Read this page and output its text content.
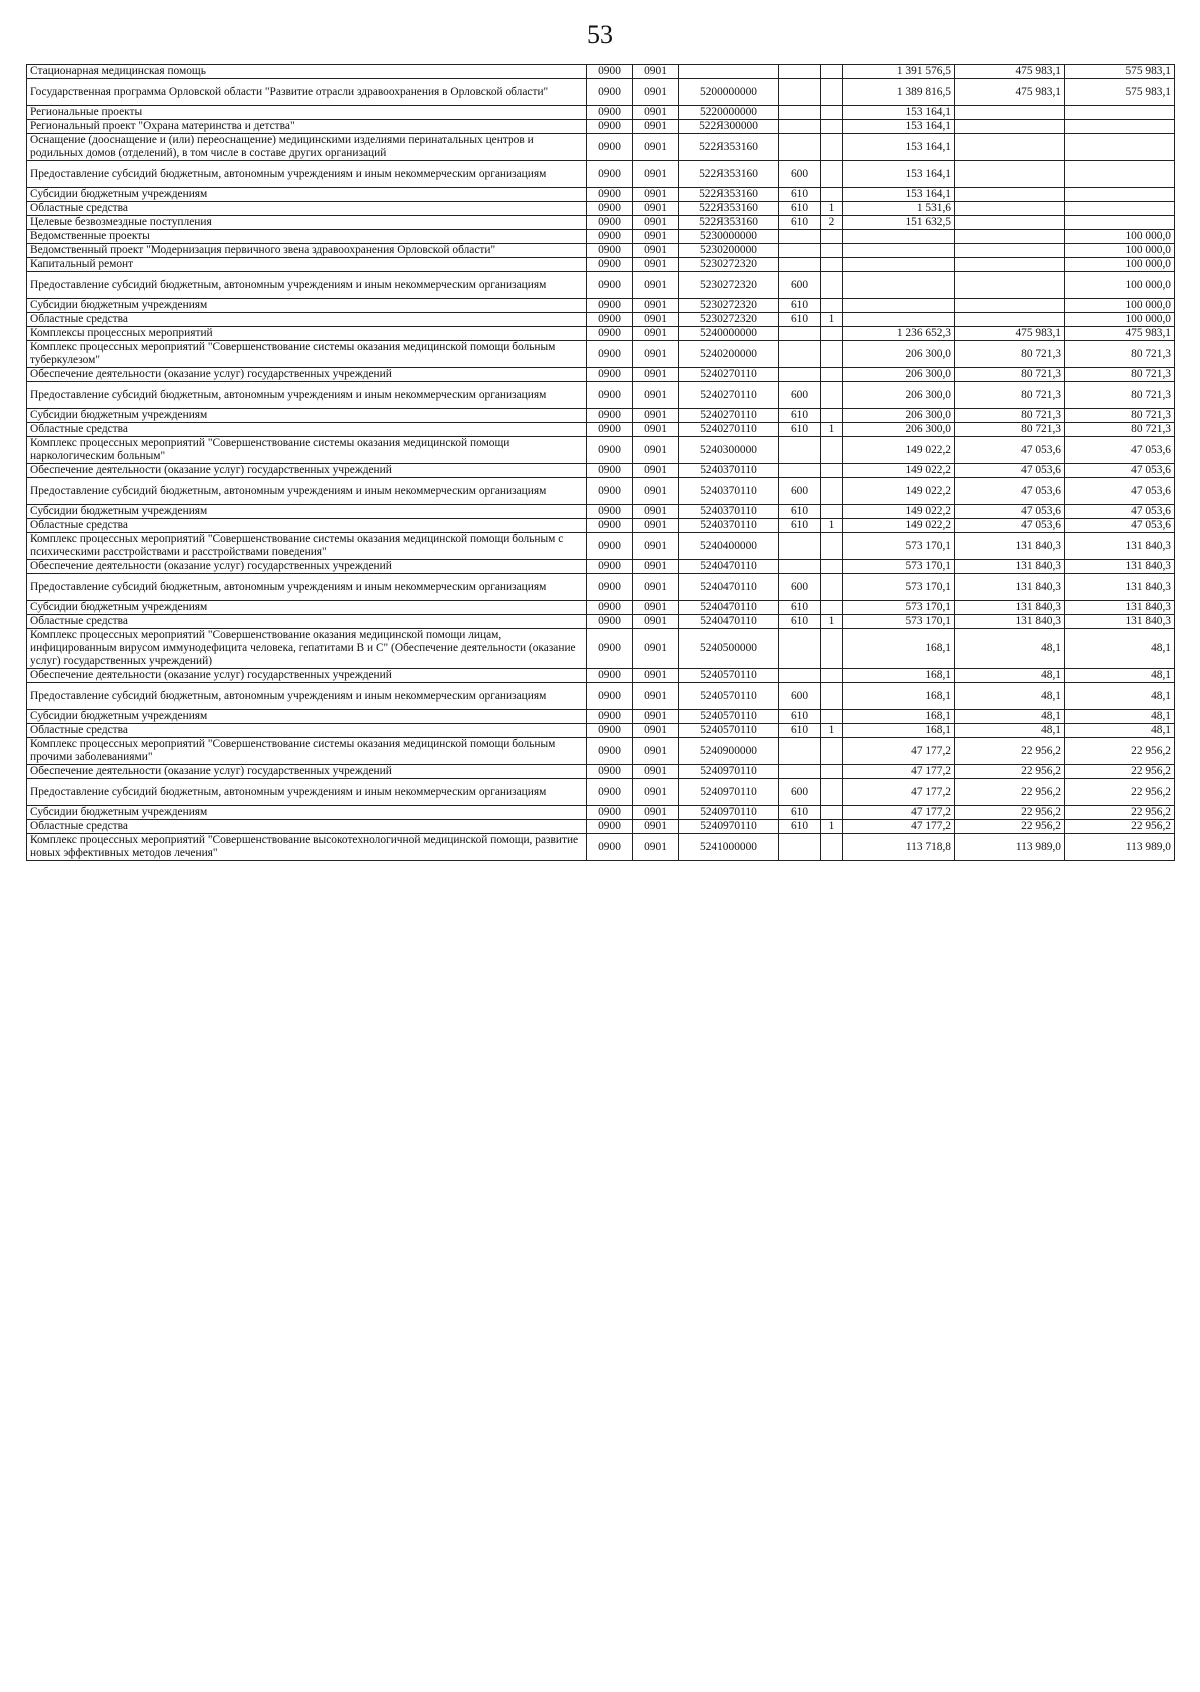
53
Стационарная медицинская помощь	0900	0901				1 391 576,5	475 983,1	575 983,1
Государственная программа Орловской области "Развитие отрасли здравоохранения в Орловской области"	0900	0901	5200000000			1 389 816,5	475 983,1	575 983,1
Региональные проекты	0900	0901	5220000000			153 164,1		
Региональный проект "Охрана материнства и детства"	0900	0901	522Я300000			153 164,1		
Оснащение (дооснащение и (или) переоснащение) медицинскими изделиями перинатальных центров и родильных домов (отделений), в том числе в составе других организаций	0900	0901	522Я353160			153 164,1		
Предоставление субсидий бюджетным, автономным учреждениям и иным некоммерческим организациям	0900	0901	522Я353160	600		153 164,1		
Субсидии бюджетным учреждениям	0900	0901	522Я353160	610		153 164,1		
Областные средства	0900	0901	522Я353160	610	1	1 531,6		
Целевые безвозмездные поступления	0900	0901	522Я353160	610	2	151 632,5		
Ведомственные проекты	0900	0901	5230000000					100 000,0
Ведомственный проект "Модернизация первичного звена здравоохранения Орловской области"	0900	0901	5230200000					100 000,0
Капитальный ремонт	0900	0901	5230272320					100 000,0
Предоставление субсидий бюджетным, автономным учреждениям и иным некоммерческим организациям	0900	0901	5230272320	600				100 000,0
Субсидии бюджетным учреждениям	0900	0901	5230272320	610				100 000,0
Областные средства	0900	0901	5230272320	610	1			100 000,0
Комплексы процессных мероприятий	0900	0901	5240000000			1 236 652,3	475 983,1	475 983,1
Комплекс процессных мероприятий "Совершенствование системы оказания медицинской помощи больным туберкулезом"	0900	0901	5240200000			206 300,0	80 721,3	80 721,3
Обеспечение деятельности (оказание услуг) государственных учреждений	0900	0901	5240270110			206 300,0	80 721,3	80 721,3
Предоставление субсидий бюджетным, автономным учреждениям и иным некоммерческим организациям	0900	0901	5240270110	600		206 300,0	80 721,3	80 721,3
Субсидии бюджетным учреждениям	0900	0901	5240270110	610		206 300,0	80 721,3	80 721,3
Областные средства	0900	0901	5240270110	610	1	206 300,0	80 721,3	80 721,3
Комплекс процессных мероприятий "Совершенствование системы оказания медицинской помощи наркологическим больным"	0900	0901	5240300000			149 022,2	47 053,6	47 053,6
Обеспечение деятельности (оказание услуг) государственных учреждений	0900	0901	5240370110			149 022,2	47 053,6	47 053,6
Предоставление субсидий бюджетным, автономным учреждениям и иным некоммерческим организациям	0900	0901	5240370110	600		149 022,2	47 053,6	47 053,6
Субсидии бюджетным учреждениям	0900	0901	5240370110	610		149 022,2	47 053,6	47 053,6
Областные средства	0900	0901	5240370110	610	1	149 022,2	47 053,6	47 053,6
Комплекс процессных мероприятий "Совершенствование системы оказания медицинской помощи больным с психическими расстройствами и расстройствами поведения"	0900	0901	5240400000			573 170,1	131 840,3	131 840,3
Обеспечение деятельности (оказание услуг) государственных учреждений	0900	0901	5240470110			573 170,1	131 840,3	131 840,3
Предоставление субсидий бюджетным, автономным учреждениям и иным некоммерческим организациям	0900	0901	5240470110	600		573 170,1	131 840,3	131 840,3
Субсидии бюджетным учреждениям	0900	0901	5240470110	610		573 170,1	131 840,3	131 840,3
Областные средства	0900	0901	5240470110	610	1	573 170,1	131 840,3	131 840,3
Комплекс процессных мероприятий "Совершенствование оказания медицинской помощи лицам, инфицированным вирусом иммунодефицита человека, гепатитами В и С" (Обеспечение деятельности (оказание услуг) государственных учреждений)	0900	0901	5240500000			168,1	48,1	48,1
Обеспечение деятельности (оказание услуг) государственных учреждений	0900	0901	5240570110			168,1	48,1	48,1
Предоставление субсидий бюджетным, автономным учреждениям и иным некоммерческим организациям	0900	0901	5240570110	600		168,1	48,1	48,1
Субсидии бюджетным учреждениям	0900	0901	5240570110	610		168,1	48,1	48,1
Областные средства	0900	0901	5240570110	610	1	168,1	48,1	48,1
Комплекс процессных мероприятий "Совершенствование системы оказания медицинской помощи больным прочими заболеваниями"	0900	0901	5240900000			47 177,2	22 956,2	22 956,2
Обеспечение деятельности (оказание услуг) государственных учреждений	0900	0901	5240970110			47 177,2	22 956,2	22 956,2
Предоставление субсидий бюджетным, автономным учреждениям и иным некоммерческим организациям	0900	0901	5240970110	600		47 177,2	22 956,2	22 956,2
Субсидии бюджетным учреждениям	0900	0901	5240970110	610		47 177,2	22 956,2	22 956,2
Областные средства	0900	0901	5240970110	610	1	47 177,2	22 956,2	22 956,2
Комплекс процессных мероприятий "Совершенствование высокотехнологичной медицинской помощи, развитие новых эффективных методов лечения"	0900	0901	5241000000			113 718,8	113 989,0	113 989,0
